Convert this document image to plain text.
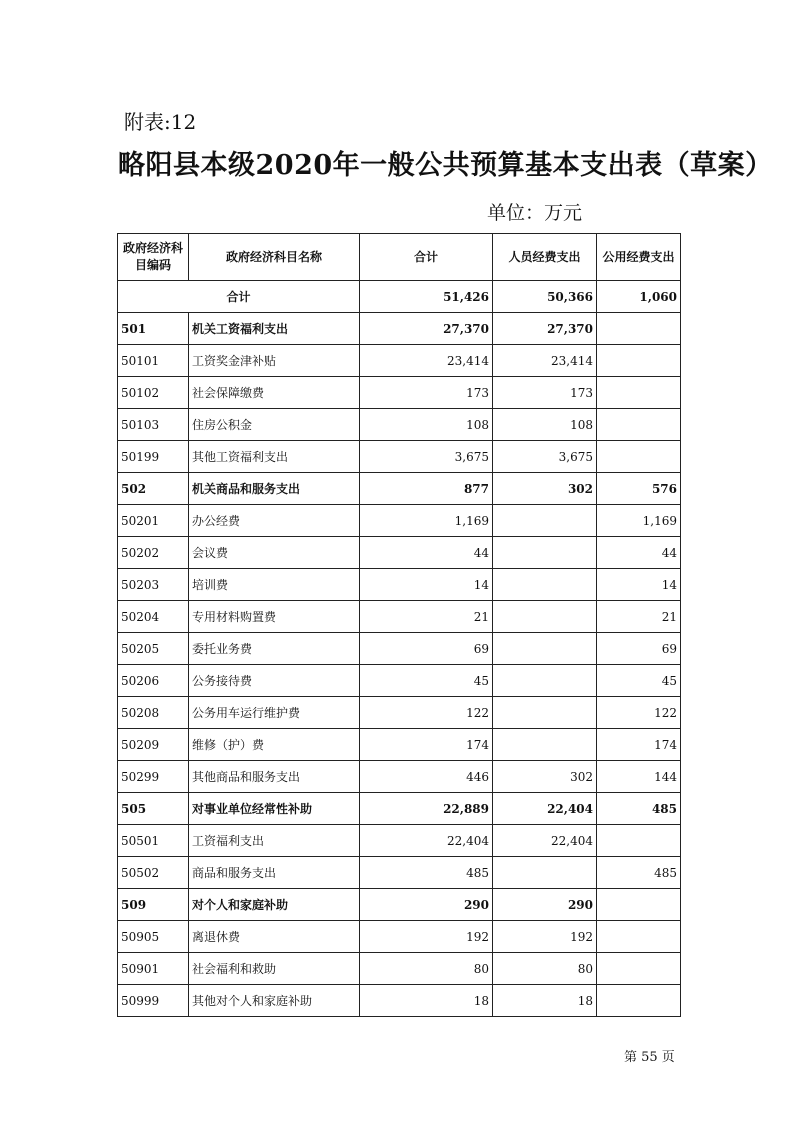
附表:12
略阳县本级2020年一般公共预算基本支出表（草案）
单位：万元
政府经济科目编码	政府经济科目名称	合计	人员经费支出	公用经费支出
合计		51,426	50,366	1,060
501	机关工资福利支出	27,370	27,370	
50101	工资奖金津补贴	23,414	23,414	
50102	社会保障缴费	173	173	
50103	住房公积金	108	108	
50199	其他工资福利支出	3,675	3,675	
502	机关商品和服务支出	877	302	576
50201	办公经费	1,169		1,169
50202	会议费	44		44
50203	培训费	14		14
50204	专用材料购置费	21		21
50205	委托业务费	69		69
50206	公务接待费	45		45
50208	公务用车运行维护费	122		122
50209	维修（护）费	174		174
50299	其他商品和服务支出	446	302	144
505	对事业单位经常性补助	22,889	22,404	485
50501	工资福利支出	22,404	22,404	
50502	商品和服务支出	485		485
509	对个人和家庭补助	290	290	
50905	离退休费	192	192	
50901	社会福利和救助	80	80	
50999	其他对个人和家庭补助	18	18	
第 55 页
